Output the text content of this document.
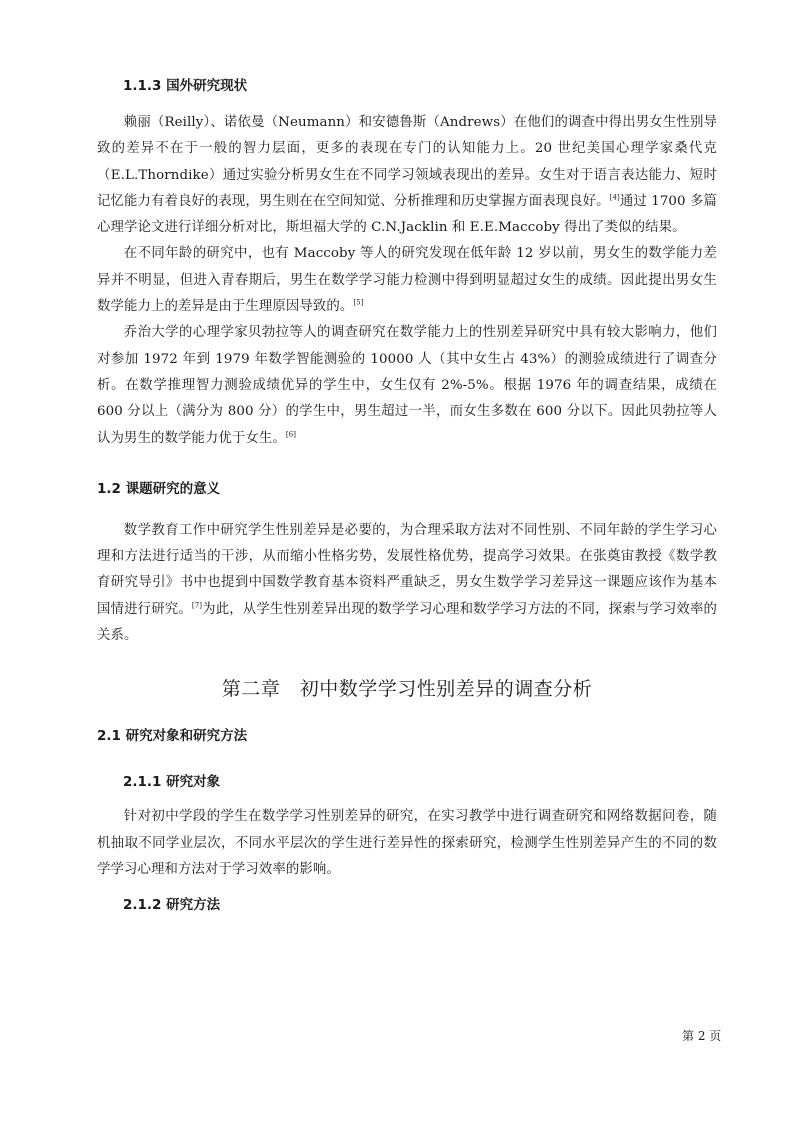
1.1.3 国外研究现状

赖丽（Reilly）、诺依曼（Neumann）和安德鲁斯（Andrews）在他们的调查中得出男女生性别导致的差异不在于一般的智力层面，更多的表现在专门的认知能力上。20 世纪美国心理学家桑代克（E.L.Thorndike）通过实验分析男女生在不同学习领域表现出的差异。女生对于语言表达能力、短时记忆能力有着良好的表现，男生则在在空间知觉、分析推理和历史掌握方面表现良好。[4]通过 1700 多篇心理学论文进行详细分析对比，斯坦福大学的 C.N.Jacklin 和 E.E.Maccoby 得出了类似的结果。

在不同年龄的研究中，也有 Maccoby 等人的研究发现在低年龄 12 岁以前，男女生的数学能力差异并不明显，但进入青春期后，男生在数学学习能力检测中得到明显超过女生的成绩。因此提出男女生数学能力上的差异是由于生理原因导致的。[5]

乔治大学的心理学家贝勃拉等人的调查研究在数学能力上的性别差异研究中具有较大影响力，他们对参加 1972 年到 1979 年数学智能测验的 10000 人（其中女生占 43%）的测验成绩进行了调查分析。在数学推理智力测验成绩优异的学生中，女生仅有 2%-5%。根据 1976 年的调查结果，成绩在 600 分以上（满分为 800 分）的学生中，男生超过一半，而女生多数在 600 分以下。因此贝勃拉等人认为男生的数学能力优于女生。[6]

1.2 课题研究的意义

数学教育工作中研究学生性别差异是必要的，为合理采取方法对不同性别、不同年龄的学生学习心理和方法进行适当的干涉，从而缩小性格劣势，发展性格优势，提高学习效果。在张奠宙教授《数学教育研究导引》书中也提到中国数学教育基本资料严重缺乏，男女生数学学习差异这一课题应该作为基本国情进行研究。[7]为此，从学生性别差异出现的数学学习心理和数学学习方法的不同，探索与学习效率的关系。

第二章　初中数学学习性别差异的调查分析
2.1 研究对象和研究方法
2.1.1 研究对象

针对初中学段的学生在数学学习性别差异的研究，在实习教学中进行调查研究和网络数据问卷，随机抽取不同学业层次，不同水平层次的学生进行差异性的探索研究，检测学生性别差异产生的不同的数学学习心理和方法对于学习效率的影响。

2.1.2 研究方法
第 2 页
